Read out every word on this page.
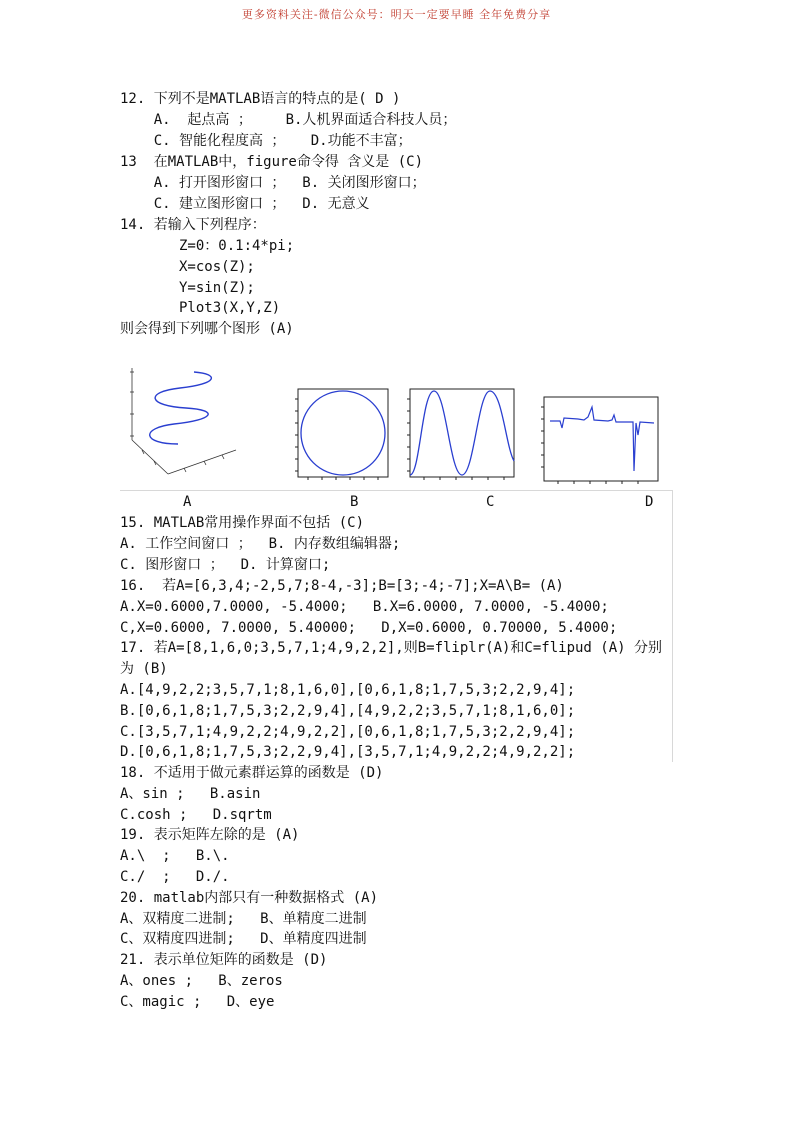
更多资料关注-微信公众号：明天一定要早睡 全年免费分享
12. 下列不是MATLAB语言的特点的是( D )
A.  起点高 ；    B.人机界面适合科技人员；
C. 智能化程度高 ；   D.功能不丰富；
13  在MATLAB中，figure命令得 含义是 (C)
A. 打开图形窗口 ；  B. 关闭图形窗口；
C. 建立图形窗口 ；  D. 无意义
14. 若输入下列程序：
Z=0：0.1:4*pi;
X=cos(Z);
Y=sin(Z);
Plot3(X,Y,Z)
则会得到下列哪个图形 (A)
A	B	C	D
15. MATLAB常用操作界面不包括 (C)
A. 工作空间窗口 ；  B. 内存数组编辑器;
C. 图形窗口 ；  D. 计算窗口;
16.  若A=[6,3,4;-2,5,7;8-4,-3];B=[3;-4;-7];X=A\B= (A)
A.X=0.6000,7.0000, -5.4000;   B.X=6.0000, 7.0000, -5.4000;
C,X=0.6000, 7.0000, 5.40000;   D,X=0.6000, 0.70000, 5.4000;
17. 若A=[8,1,6,0;3,5,7,1;4,9,2,2],则B=fliplr(A)和C=flipud (A) 分别
为 (B)
A.[4,9,2,2;3,5,7,1;8,1,6,0],[0,6,1,8;1,7,5,3;2,2,9,4];
B.[0,6,1,8;1,7,5,3;2,2,9,4],[4,9,2,2;3,5,7,1;8,1,6,0];
C.[3,5,7,1;4,9,2,2;4,9,2,2],[0,6,1,8;1,7,5,3;2,2,9,4];
D.[0,6,1,8;1,7,5,3;2,2,9,4],[3,5,7,1;4,9,2,2;4,9,2,2];
18. 不适用于做元素群运算的函数是 (D)
A、sin ;   B.asin
C.cosh ;   D.sqrtm
19. 表示矩阵左除的是 (A)
A.\  ;   B.\.
C./  ;   D./.
20. matlab内部只有一种数据格式 (A)
A、双精度二进制;   B、单精度二进制
C、双精度四进制;   D、单精度四进制
21. 表示单位矩阵的函数是 (D)
A、ones ;   B、zeros
C、magic ;   D、eye
